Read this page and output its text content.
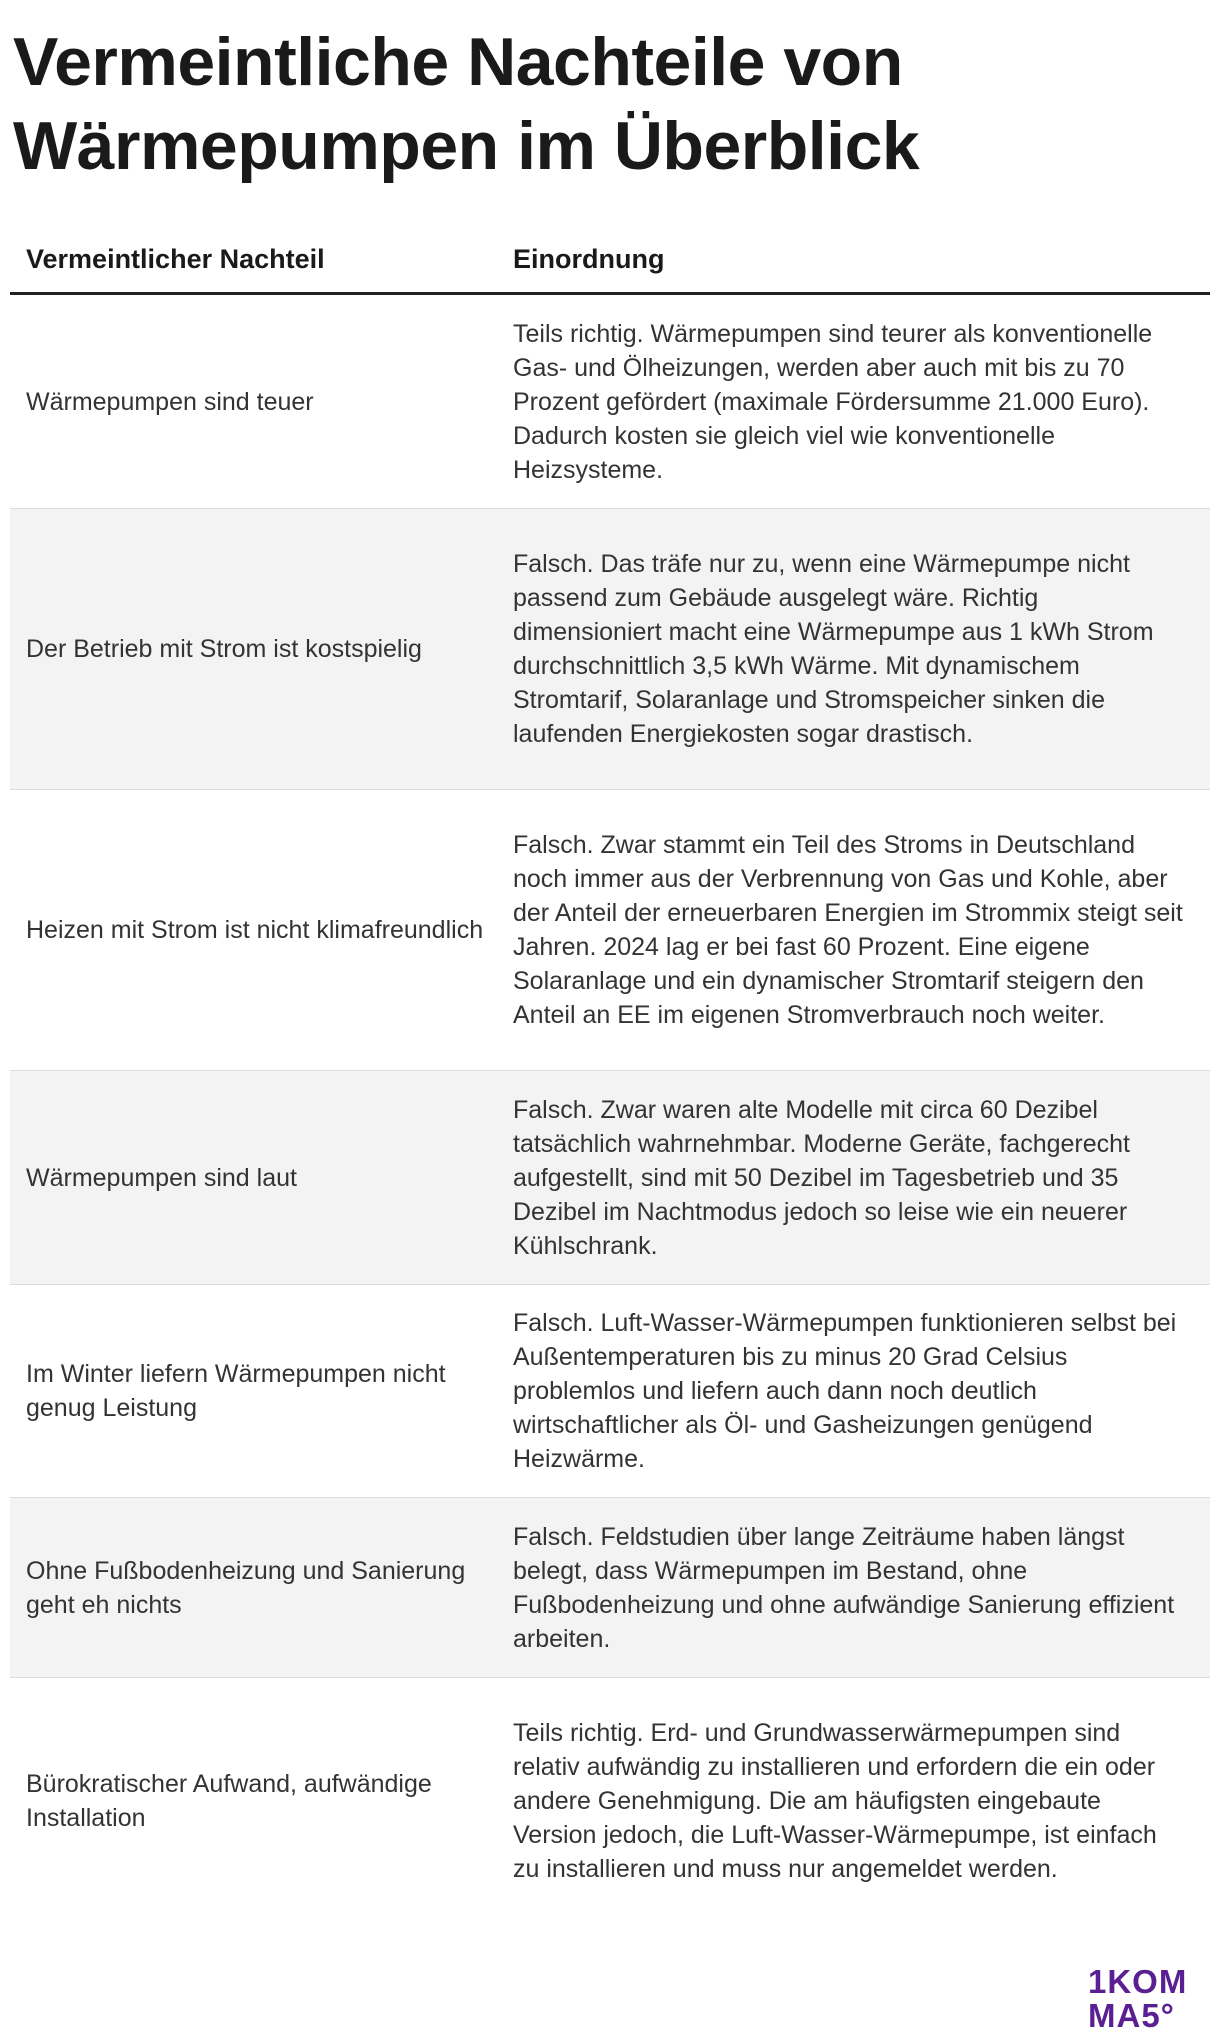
Vermeintliche Nachteile von Wärmepumpen im Überblick
Vermeintlicher Nachteil	Einordnung
Wärmepumpen sind teuer
Teils richtig. Wärmepumpen sind teurer als konventionelle Gas- und Ölheizungen, werden aber auch mit bis zu 70 Prozent gefördert (maximale Fördersumme 21.000 Euro). Dadurch kosten sie gleich viel wie konventionelle Heizsysteme.
Der Betrieb mit Strom ist kostspielig
Falsch. Das träfe nur zu, wenn eine Wärmepumpe nicht passend zum Gebäude ausgelegt wäre. Richtig dimensioniert macht eine Wärmepumpe aus 1 kWh Strom durchschnittlich 3,5 kWh Wärme. Mit dynamischem Stromtarif, Solaranlage und Stromspeicher sinken die laufenden Energiekosten sogar drastisch.
Heizen mit Strom ist nicht klimafreundlich
Falsch. Zwar stammt ein Teil des Stroms in Deutschland noch immer aus der Verbrennung von Gas und Kohle, aber der Anteil der erneuerbaren Energien im Strommix steigt seit Jahren. 2024 lag er bei fast 60 Prozent. Eine eigene Solaranlage und ein dynamischer Stromtarif steigern den Anteil an EE im eigenen Stromverbrauch noch weiter.
Wärmepumpen sind laut
Falsch. Zwar waren alte Modelle mit circa 60 Dezibel tatsächlich wahrnehmbar. Moderne Geräte, fachgerecht aufgestellt, sind mit 50 Dezibel im Tagesbetrieb und 35 Dezibel im Nachtmodus jedoch so leise wie ein neuerer Kühlschrank.
Im Winter liefern Wärmepumpen nicht genug Leistung
Falsch. Luft-Wasser-Wärmepumpen funktionieren selbst bei Außentemperaturen bis zu minus 20 Grad Celsius problemlos und liefern auch dann noch deutlich wirtschaftlicher als Öl- und Gasheizungen genügend Heizwärme.
Ohne Fußbodenheizung und Sanierung geht eh nichts
Falsch. Feldstudien über lange Zeiträume haben längst belegt, dass Wärmepumpen im Bestand, ohne Fußbodenheizung und ohne aufwändige Sanierung effizient arbeiten.
Bürokratischer Aufwand, aufwändige Installation
Teils richtig. Erd- und Grundwasserwärmepumpen sind relativ aufwändig zu installieren und erfordern die ein oder andere Genehmigung. Die am häufigsten eingebaute Version jedoch, die Luft-Wasser-Wärmepumpe, ist einfach zu installieren und muss nur angemeldet werden.
1KOM
MA5°
